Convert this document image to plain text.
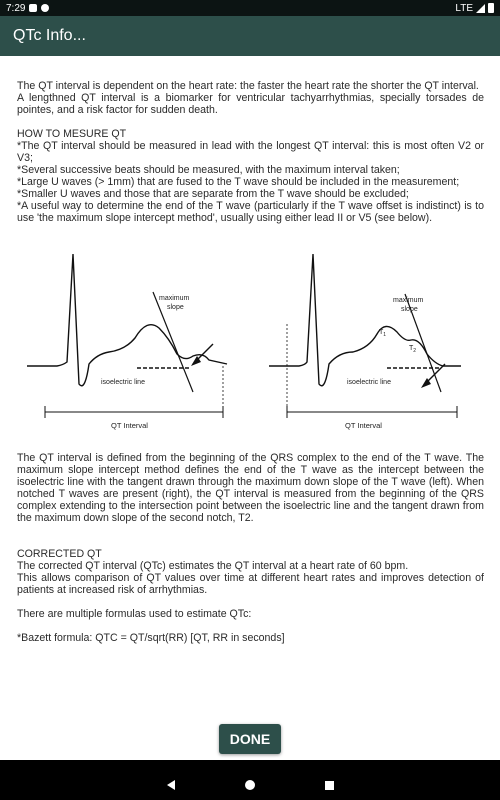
7:29	LTE
QTc Info...

The QT interval is dependent on the heart rate: the faster the heart rate the shorter the QT interval.

A lengthned QT interval is a biomarker for ventricular tachyarrhythmias, specially torsades de pointes, and a risk factor for sudden death.

HOW TO MESURE QT

*The QT interval should be measured in lead with the longest QT interval: this is most often V2 or V3;

*Several successive beats should be measured, with the maximum interval taken;

*Large U waves (> 1mm) that are fused to the T wave should be included in the measurement;

*Smaller U waves and those that are separate from the T wave should be excluded;

*A useful way to determine the end of the T wave (particularly if the T wave offset is indistinct) is to use 'the maximum slope intercept method', usually using either lead II or V5 (see below).

maximum
slope
isoelectric line
QT Interval
maximum
slope
$T_1$
$T_2$
isoelectric line
QT Interval

The QT interval is defined from the beginning of the QRS complex to the end of the T wave. The maximum slope intercept method defines the end of the T wave as the intercept between the isoelectric line with the tangent drawn through the maximum down slope of the T wave (left). When notched T waves are present (right), the QT interval is measured from the beginning of the QRS complex extending to the intersection point between the isoelectric line and the tangent drawn from the maximum down slope of the second notch, T2.

CORRECTED QT

The corrected QT interval (QTc) estimates the QT interval at a heart rate of 60 bpm.

This allows comparison of QT values over time at different heart rates and improves detection of patients at increased risk of arrhythmias.

There are multiple formulas used to estimate QTc:

*Bazett formula: QTC = QT/sqrt(RR) [QT, RR in seconds]

DONE
